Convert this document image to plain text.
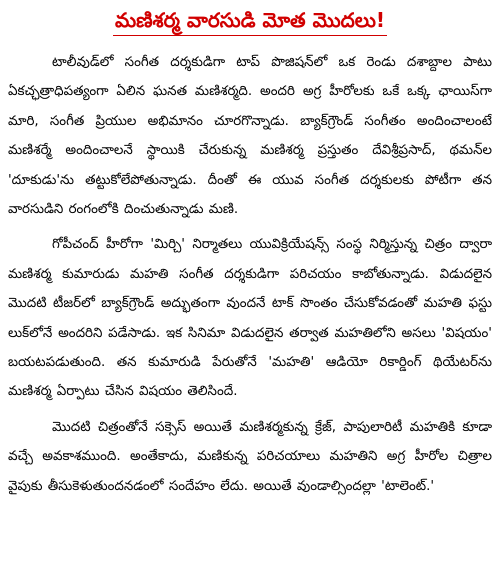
మణిశర్మ వారసుడి మోత మొదలు!

టాలీవుడ్‌లో సంగీత దర్శకుడిగా టాప్ పొజిషన్‌లో ఒక రెండు దశాబ్దాల పాటు ఏకచ్ఛత్రాధిపత్యంగా ఏలిన ఘనత మణిశర్మది. అందరి అగ్ర హీరోలకు ఒకే ఒక్క ఛాయిస్‌గా మారి, సంగీత ప్రియుల అభిమానం చూరగొన్నాడు. బ్యాక్‌గ్రౌండ్ సంగీతం అందించాలంటే మణిశర్మే అందించాలనే స్థాయికి చేరుకున్న మణిశర్మ ప్రస్తుతం దేవిశ్రీప్రసాద్, థమన్‌ల 'దూకుడు'ను తట్టుకోలేపోతున్నాడు. దీంతో ఈ యువ సంగీత దర్శకులకు పోటీగా తన వారసుడిని రంగంలోకి దించుతున్నాడు మణి.

గోపీచంద్ హీరోగా 'మిర్చి' నిర్మాతలు యువిక్రియేషన్స్ సంస్థ నిర్మిస్తున్న చిత్రం ద్వారా మణిశర్మ కుమారుడు మహతి సంగీత దర్శకుడిగా పరిచయం కాబోతున్నాడు. విడుదలైన మొదటి టీజర్‌లో బ్యాక్‌గ్రౌండ్ అద్భుతంగా వుందనే టాక్ సొంతం చేసుకోవడంతో మహతి ఫస్టు లుక్‌లోనే అందరిని పడేసాడు. ఇక సినిమా విడుదలైన తర్వాత మహతిలోని అసలు 'విషయం' బయటపడుతుంది. తన కుమారుడి పేరుతోనే 'మహతి' ఆడియో రికార్డింగ్ థియేటర్‌ను మణిశర్మ ఏర్పాటు చేసిన విషయం తెలిసిందే.

మొదటి చిత్రంతోనే సక్సెస్ అయితే మణిశర్మకున్న క్రేజ్, పాపులారిటీ మహతికి కూడా వచ్చే అవకాశముంది. అంతేకాదు, మణికున్న పరిచయాలు మహతిని అగ్ర హీరోల చిత్రాల వైపుకు తీసుకెళుతుందనడంలో సందేహం లేదు. అయితే వుండాల్సిందల్లా 'టాలెంట్.'
